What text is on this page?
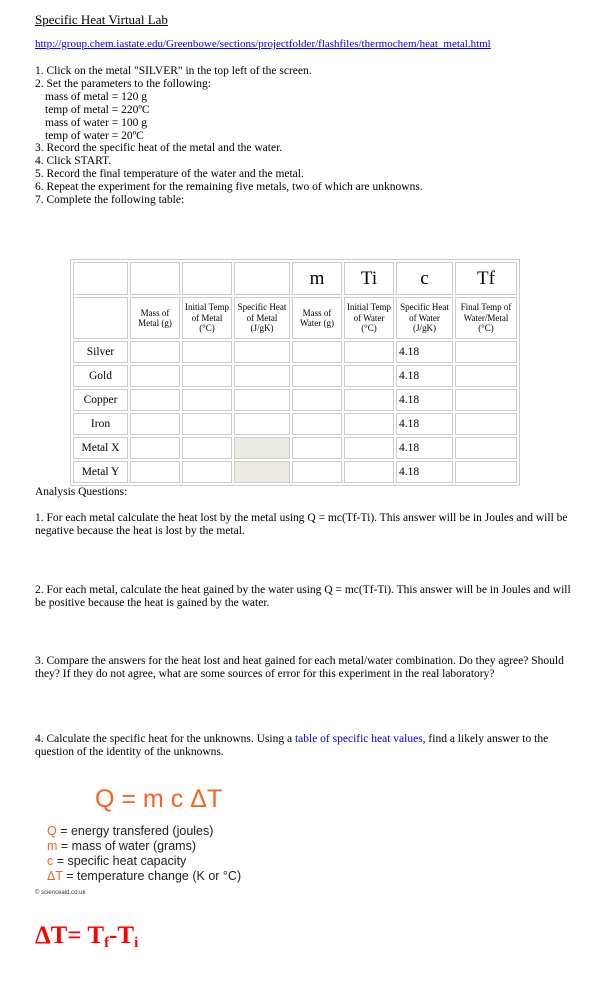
Specific Heat Virtual Lab
http://group.chem.iastate.edu/Greenbowe/sections/projectfolder/flashfiles/thermochem/heat_metal.html
1. Click on the metal "SILVER" in the top left of the screen.
2. Set the parameters to the following:
mass of metal = 120 g
temp of metal = 220ºC
mass of water = 100 g
temp of water = 20ºC
3. Record the specific heat of the metal and the water.
4. Click START.
5. Record the final temperature of the water and the metal.
6. Repeat the experiment for the remaining five metals, two of which are unknowns.
7. Complete the following table:
				m	Ti	c	Tf
	Mass of Metal (g)	Initial Temp of Metal (°C)	Specific Heat of Metal (J/gK)	Mass of Water (g)	Initial Temp of Water (°C)	Specific Heat of Water (J/gK)	Final Temp of Water/Metal (°C)
Silver						4.18	
Gold						4.18	
Copper						4.18	
Iron						4.18	
Metal X						4.18	
Metal Y						4.18	
Analysis Questions:
1. For each metal calculate the heat lost by the metal using Q = mc(Tf-Ti). This answer will be in Joules and will be negative because the heat is lost by the metal.
2. For each metal, calculate the heat gained by the water using Q = mc(Tf-Ti). This answer will be in Joules and will be positive because the heat is gained by the water.
3. Compare the answers for the heat lost and heat gained for each metal/water combination. Do they agree? Should they? If they do not agree, what are some sources of error for this experiment in the real laboratory?
4. Calculate the specific heat for the unknowns. Using a table of specific heat values, find a likely answer to the question of the identity of the unknowns.
Q = m c ΔT
Q = energy transfered (joules)
m = mass of water (grams)
c = specific heat capacity
ΔT = temperature change (K or °C)
© scienceaid.co.uk
$\Delta T= T_f-T_i$
